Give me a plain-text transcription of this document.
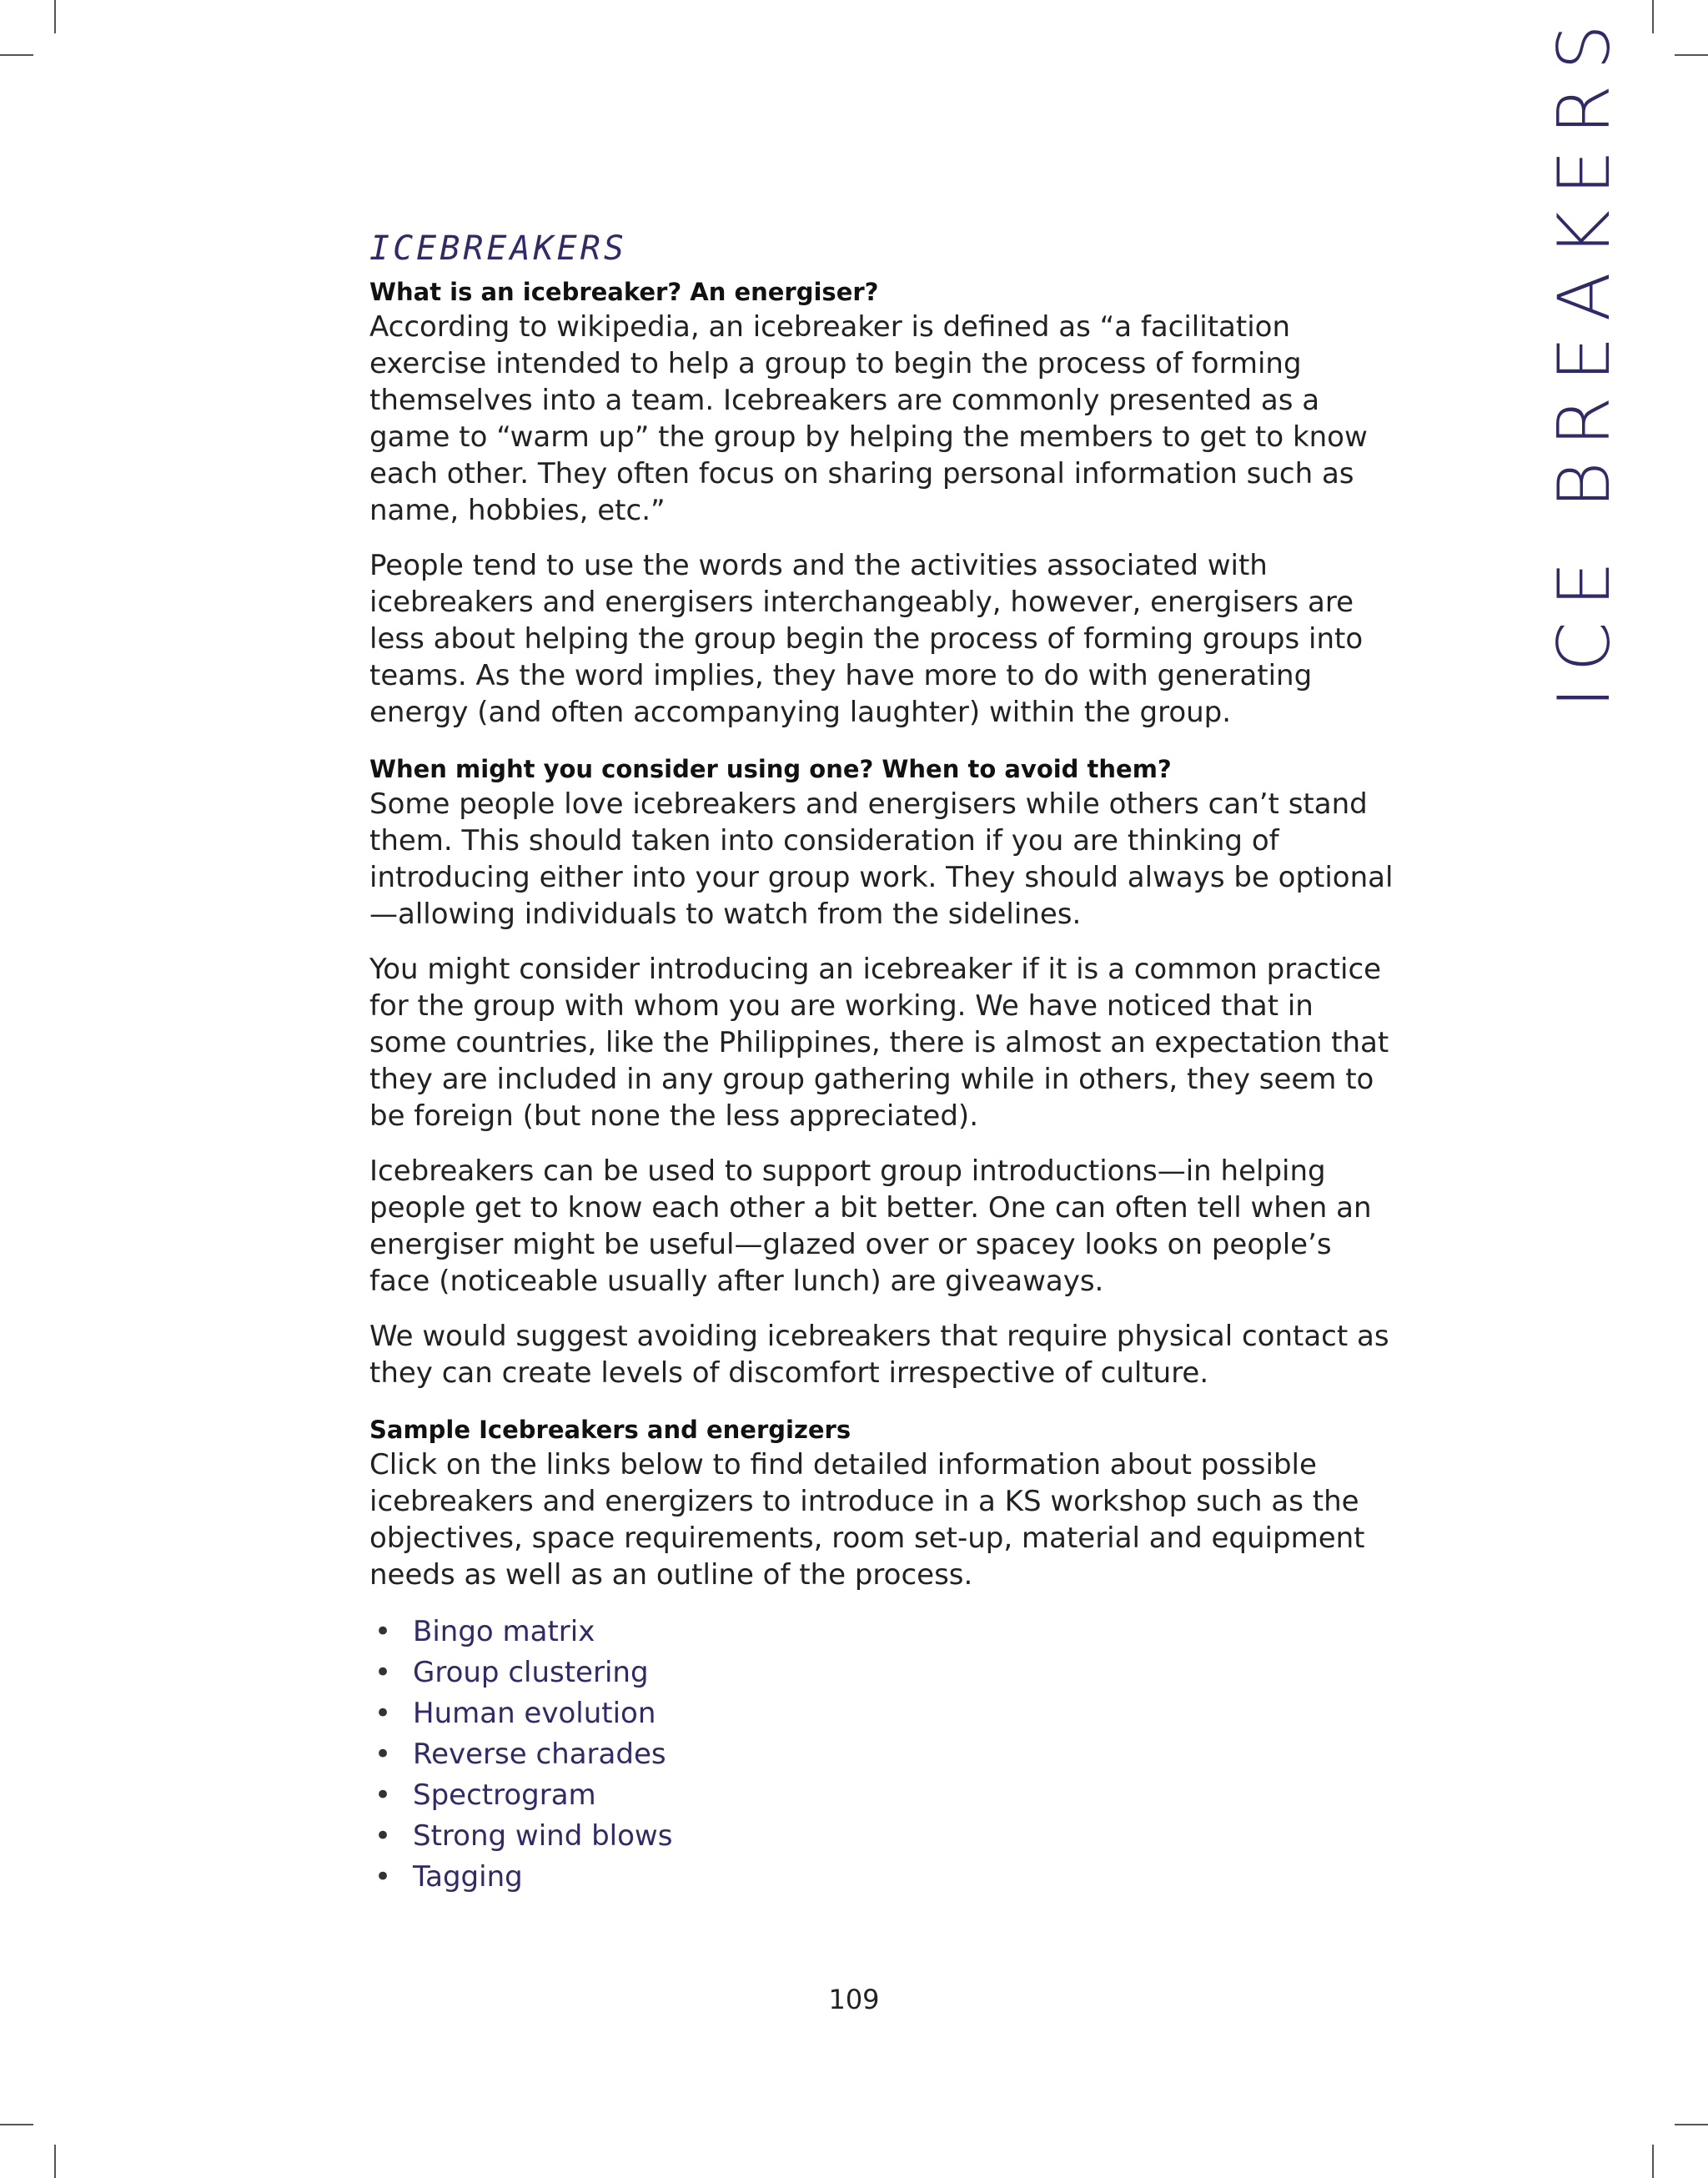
ICE BREAKERS
ICEBREAKERS
What is an icebreaker? An energiser?

According to wikipedia, an icebreaker is defined as “a facilitation exercise intended to help a group to begin the process of forming themselves into a team. Icebreakers are commonly presented as a game to “warm up” the group by helping the members to get to know each other. They often focus on sharing personal information such as name, hobbies, etc.”

People tend to use the words and the activities associated with icebreakers and energisers interchangeably, however, energisers are less about helping the group begin the process of forming groups into teams. As the word implies, they have more to do with generating energy (and often accompanying laughter) within the group.

When might you consider using one? When to avoid them?

Some people love icebreakers and energisers while others can’t stand them. This should taken into consideration if you are thinking of introducing either into your group work. They should always be optional—allowing individuals to watch from the sidelines.

You might consider introducing an icebreaker if it is a common practice for the group with whom you are working. We have noticed that in some countries, like the Philippines, there is almost an expectation that they are included in any group gathering while in others, they seem to be foreign (but none the less appreciated).

Icebreakers can be used to support group introductions—in helping people get to know each other a bit better. One can often tell when an energiser might be useful—glazed over or spacey looks on people’s face (noticeable usually after lunch) are giveaways.

We would suggest avoiding icebreakers that require physical contact as they can create levels of discomfort irrespective of culture.

Sample Icebreakers and energizers

Click on the links below to find detailed information about possible icebreakers and energizers to introduce in a KS workshop such as the objectives, space requirements, room set-up, material and equipment needs as well as an outline of the process.

• Bingo matrix
• Group clustering
• Human evolution
• Reverse charades
• Spectrogram
• Strong wind blows
• Tagging
109
